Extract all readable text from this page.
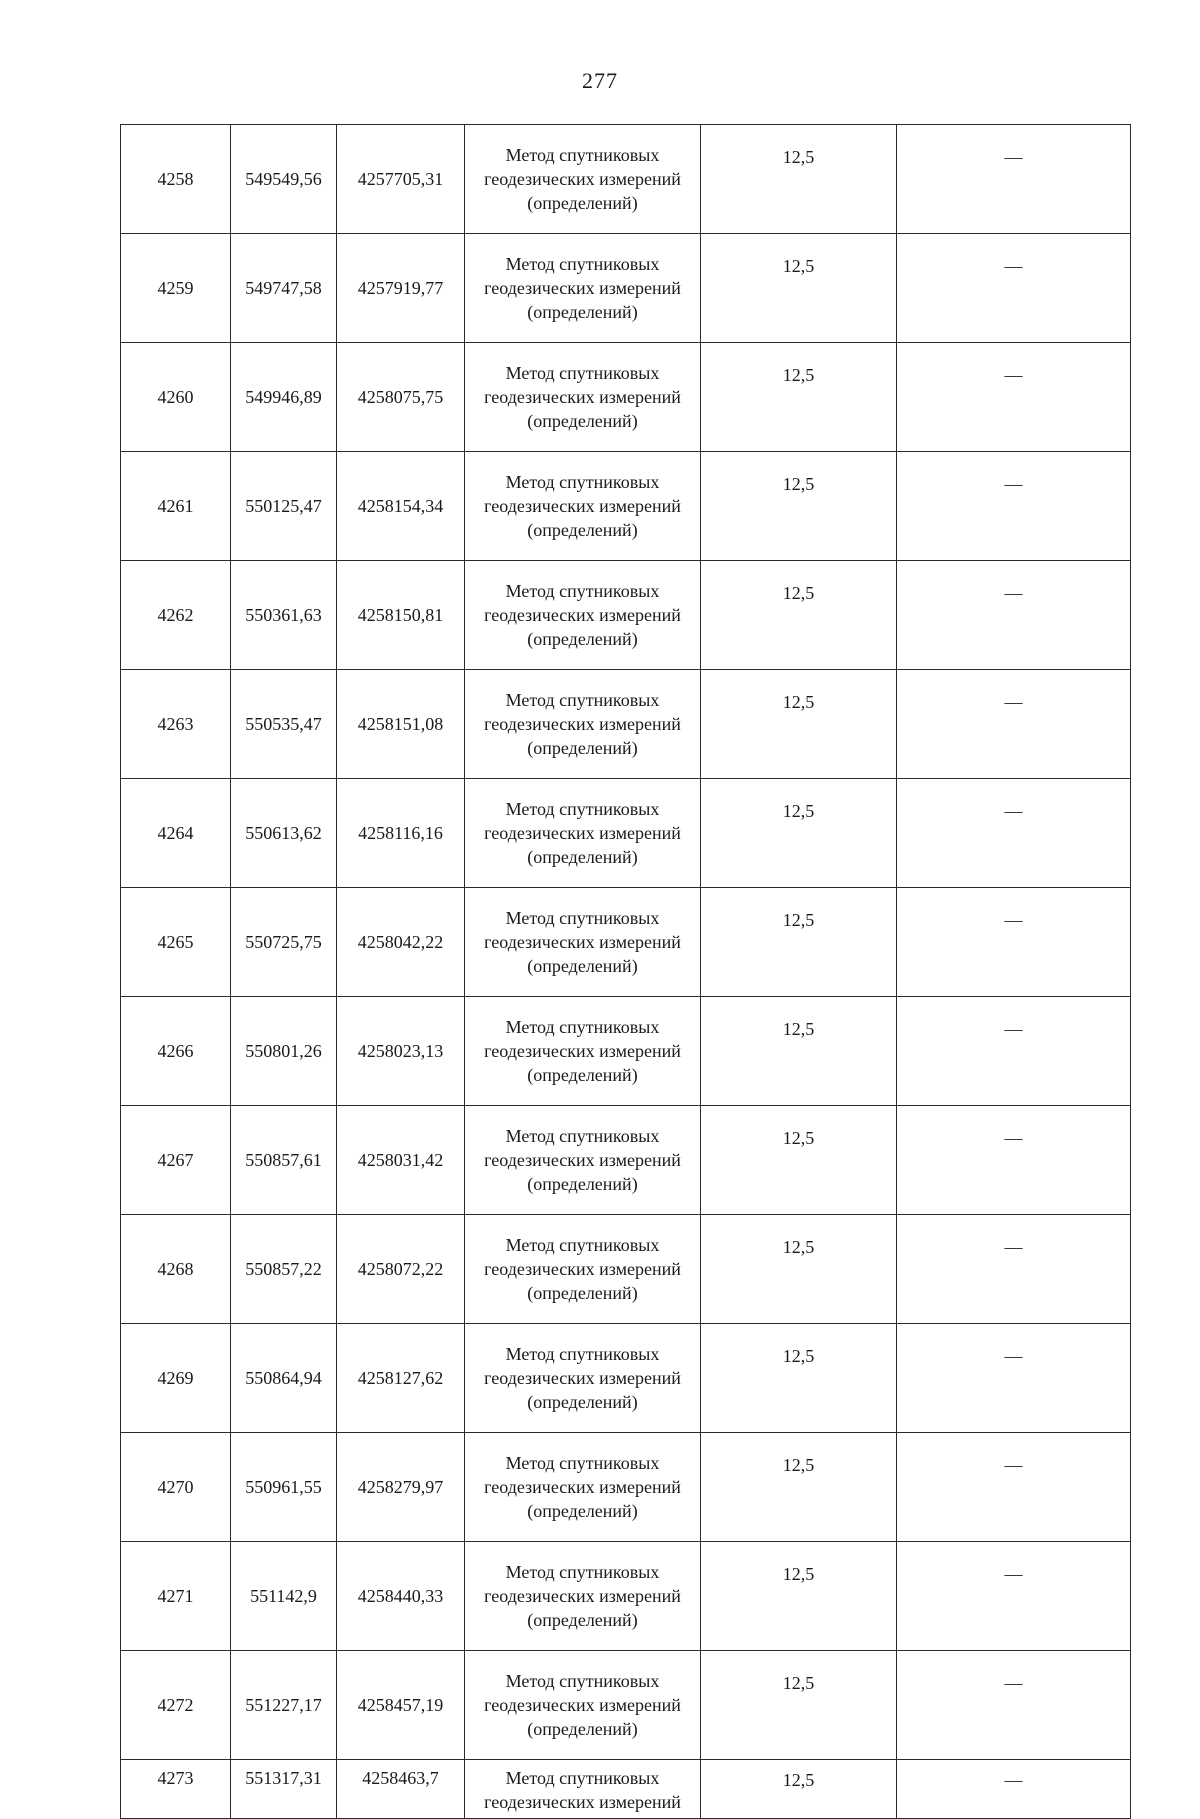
277
4258	549549,56	4257705,31	Метод спутниковых
геодезических измерений
(определений)	12,5	—
4259	549747,58	4257919,77	Метод спутниковых
геодезических измерений
(определений)	12,5	—
4260	549946,89	4258075,75	Метод спутниковых
геодезических измерений
(определений)	12,5	—
4261	550125,47	4258154,34	Метод спутниковых
геодезических измерений
(определений)	12,5	—
4262	550361,63	4258150,81	Метод спутниковых
геодезических измерений
(определений)	12,5	—
4263	550535,47	4258151,08	Метод спутниковых
геодезических измерений
(определений)	12,5	—
4264	550613,62	4258116,16	Метод спутниковых
геодезических измерений
(определений)	12,5	—
4265	550725,75	4258042,22	Метод спутниковых
геодезических измерений
(определений)	12,5	—
4266	550801,26	4258023,13	Метод спутниковых
геодезических измерений
(определений)	12,5	—
4267	550857,61	4258031,42	Метод спутниковых
геодезических измерений
(определений)	12,5	—
4268	550857,22	4258072,22	Метод спутниковых
геодезических измерений
(определений)	12,5	—
4269	550864,94	4258127,62	Метод спутниковых
геодезических измерений
(определений)	12,5	—
4270	550961,55	4258279,97	Метод спутниковых
геодезических измерений
(определений)	12,5	—
4271	551142,9	4258440,33	Метод спутниковых
геодезических измерений
(определений)	12,5	—
4272	551227,17	4258457,19	Метод спутниковых
геодезических измерений
(определений)	12,5	—
4273	551317,31	4258463,7	Метод спутниковых
геодезических измерений	12,5	—
